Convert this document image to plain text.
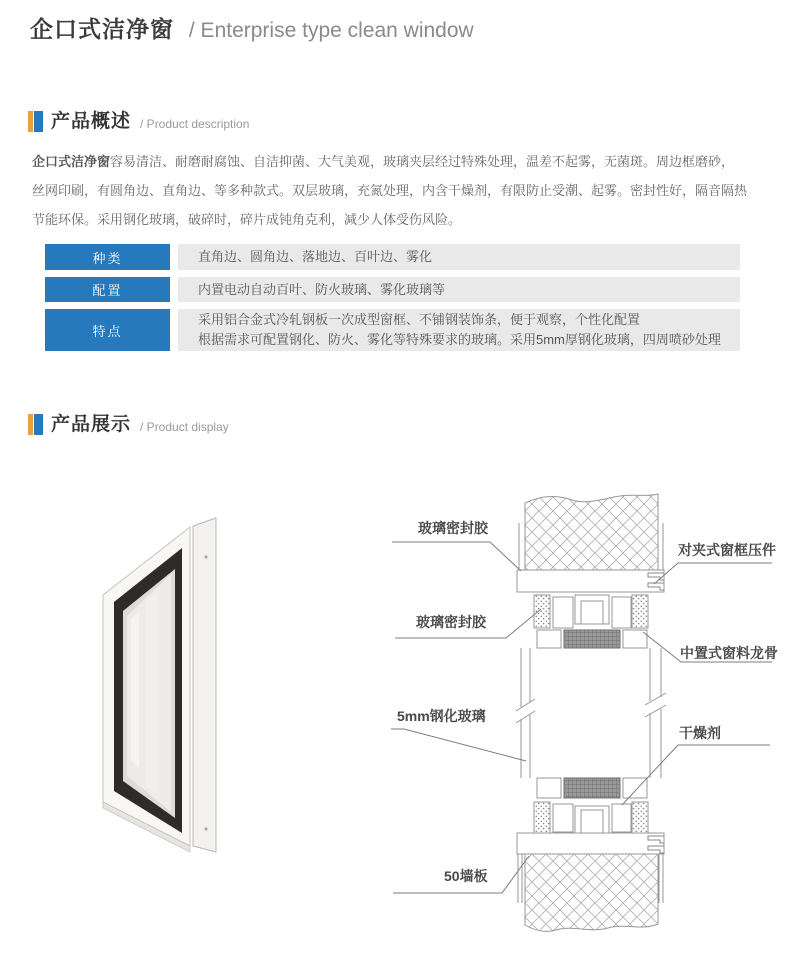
企口式洁净窗 / Enterprise type clean window
产品概述 / Product description

企口式洁净窗容易清洁、耐磨耐腐蚀、自洁抑菌、大气美观，玻璃夹层经过特殊处理，温差不起雾，无菌斑。周边框磨砂，
丝网印刷，有圆角边、直角边、等多种款式。双层玻璃，充氮处理，内含干燥剂，有限防止受潮、起雾。密封性好，隔音隔热
节能环保。采用钢化玻璃，破碎时，碎片成钝角克利，减少人体受伤风险。

种类	直角边、圆角边、落地边、百叶边、雾化
配置	内置电动自动百叶、防火玻璃、雾化玻璃等
特点
采用铝合金式冷轧钢板一次成型窗框、不铺钢装饰条，便于观察，个性化配置
根据需求可配置钢化、防火、雾化等特殊要求的玻璃。采用5mm厚钢化玻璃，四周喷砂处理
产品展示 / Product display
玻璃密封胶
玻璃密封胶
5mm钢化玻璃
对夹式窗框压件
中置式窗料龙骨
干燥剂
50墙板
